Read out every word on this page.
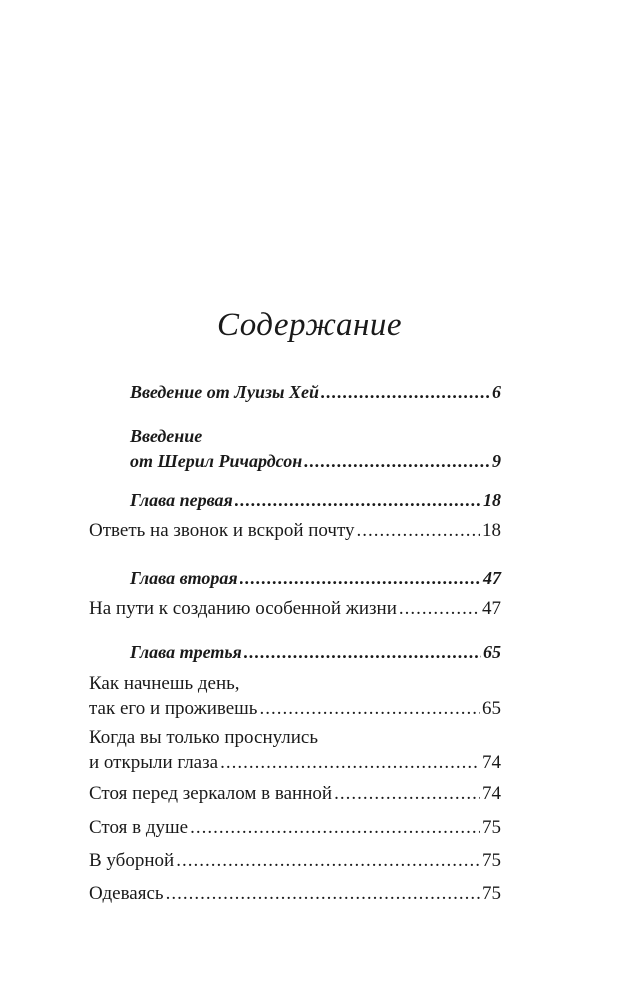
Содержание
Введение от Луизы Хей .....	6
Введение
от Шерил Ричардсон .....	9
Глава первая .....	18
Ответь на звонок и вскрой почту .....	18
Глава вторая .....	47
На пути к созданию особенной жизни .....	47
Глава третья .....	65
Как начнешь день,
так его и проживешь .....	65
Когда вы только проснулись
и открыли глаза .....	74
Стоя перед зеркалом в ванной .....	74
Стоя в душе .....	75
В уборной .....	75
Одеваясь .....	75
